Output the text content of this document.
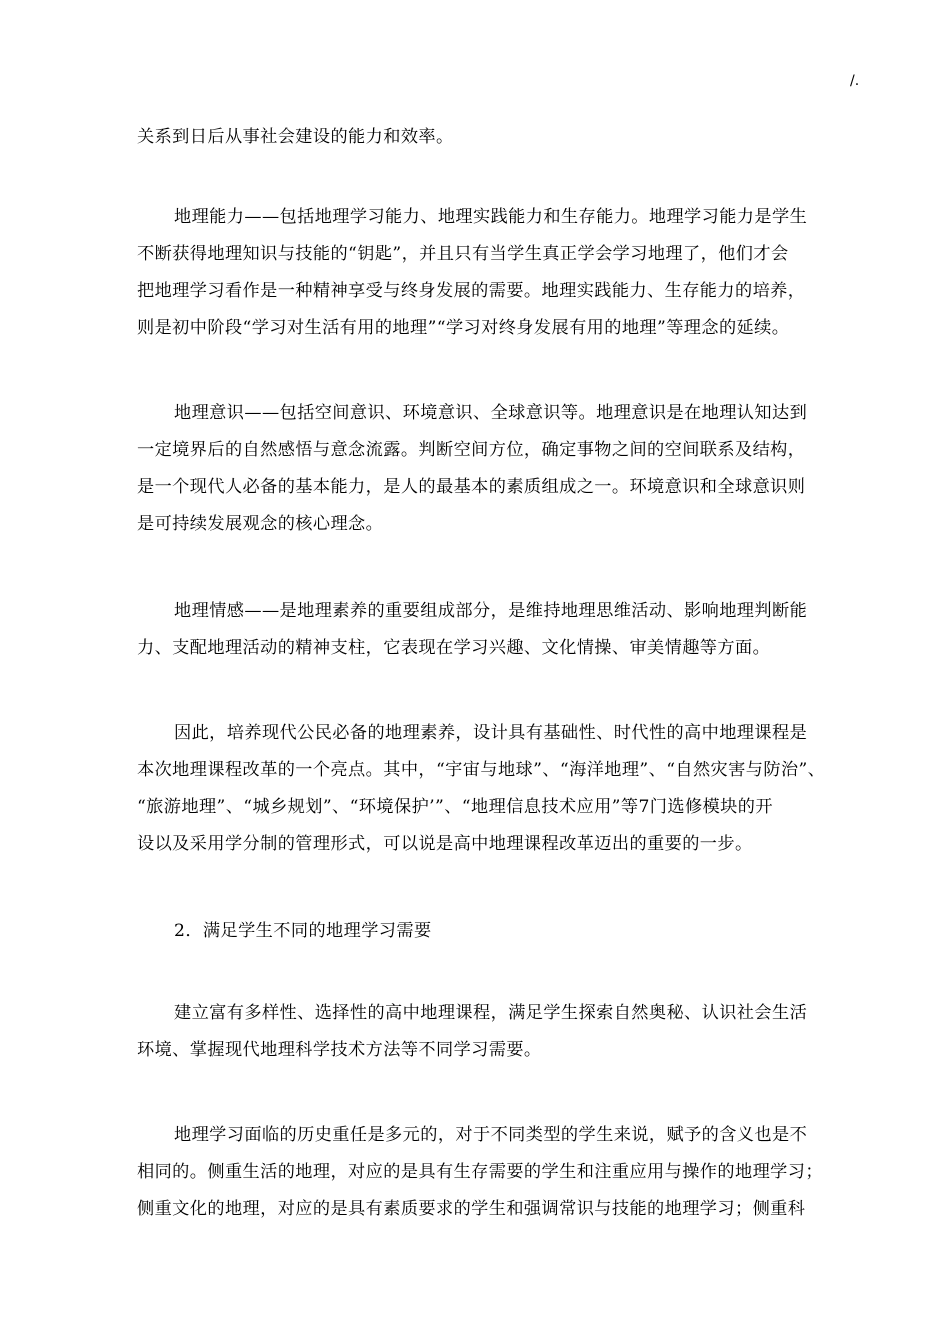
/.
关系到日后从事社会建设的能力和效率。
地理能力——包括地理学习能力、地理实践能力和生存能力。地理学习能力是学生
不断获得地理知识与技能的“钥匙”，并且只有当学生真正学会学习地理了，他们才会
把地理学习看作是一种精神享受与终身发展的需要。地理实践能力、生存能力的培养，
则是初中阶段“学习对生活有用的地理”“学习对终身发展有用的地理”等理念的延续。
地理意识——包括空间意识、环境意识、全球意识等。地理意识是在地理认知达到
一定境界后的自然感悟与意念流露。判断空间方位，确定事物之间的空间联系及结构，
是一个现代人必备的基本能力，是人的最基本的素质组成之一。环境意识和全球意识则
是可持续发展观念的核心理念。
地理情感——是地理素养的重要组成部分，是维持地理思维活动、影响地理判断能
力、支配地理活动的精神支柱，它表现在学习兴趣、文化情操、审美情趣等方面。
因此，培养现代公民必备的地理素养，设计具有基础性、时代性的高中地理课程是
本次地理课程改革的一个亮点。其中，“宇宙与地球”、“海洋地理”、“自然灾害与防治”、
“旅游地理”、“城乡规划”、“环境保护’”、“地理信息技术应用”等7门选修模块的开
设以及采用学分制的管理形式，可以说是高中地理课程改革迈出的重要的一步。
2．满足学生不同的地理学习需要
建立富有多样性、选择性的高中地理课程，满足学生探索自然奥秘、认识社会生活
环境、掌握现代地理科学技术方法等不同学习需要。
地理学习面临的历史重任是多元的，对于不同类型的学生来说，赋予的含义也是不
相同的。侧重生活的地理，对应的是具有生存需要的学生和注重应用与操作的地理学习；
侧重文化的地理，对应的是具有素质要求的学生和强调常识与技能的地理学习；侧重科
